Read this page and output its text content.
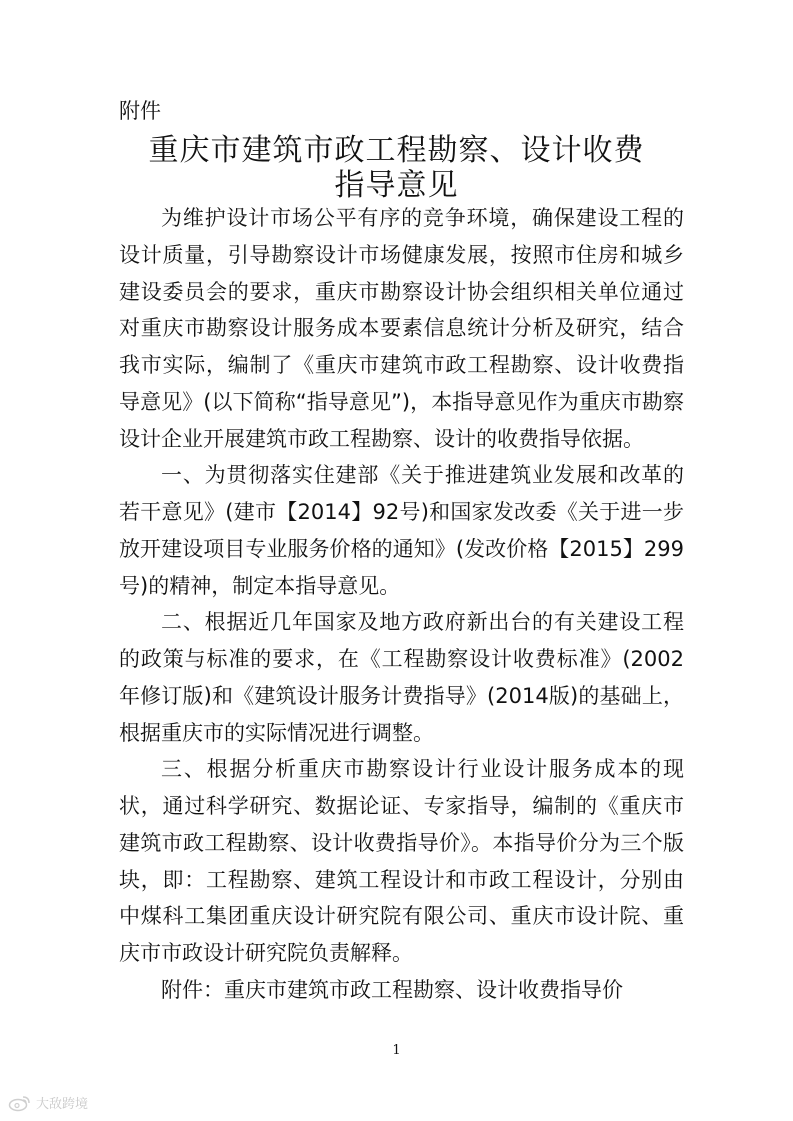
附件

重庆市建筑市政工程勘察、设计收费
指导意见

为维护设计市场公平有序的竞争环境，确保建设工程的设计质量，引导勘察设计市场健康发展，按照市住房和城乡建设委员会的要求，重庆市勘察设计协会组织相关单位通过对重庆市勘察设计服务成本要素信息统计分析及研究，结合我市实际，编制了《重庆市建筑市政工程勘察、设计收费指导意见》(以下简称“指导意见”)，本指导意见作为重庆市勘察设计企业开展建筑市政工程勘察、设计的收费指导依据。

一、为贯彻落实住建部《关于推进建筑业发展和改革的若干意见》(建市【2014】92号)和国家发改委《关于进一步放开建设项目专业服务价格的通知》(发改价格【2015】299号)的精神，制定本指导意见。

二、根据近几年国家及地方政府新出台的有关建设工程的政策与标准的要求，在《工程勘察设计收费标准》(2002年修订版)和《建筑设计服务计费指导》(2014版)的基础上，根据重庆市的实际情况进行调整。

三、根据分析重庆市勘察设计行业设计服务成本的现状，通过科学研究、数据论证、专家指导，编制的《重庆市建筑市政工程勘察、设计收费指导价》。本指导价分为三个版块，即：工程勘察、建筑工程设计和市政工程设计，分别由中煤科工集团重庆设计研究院有限公司、重庆市设计院、重庆市市政设计研究院负责解释。

附件：重庆市建筑市政工程勘察、设计收费指导价

1

大敌跨境
